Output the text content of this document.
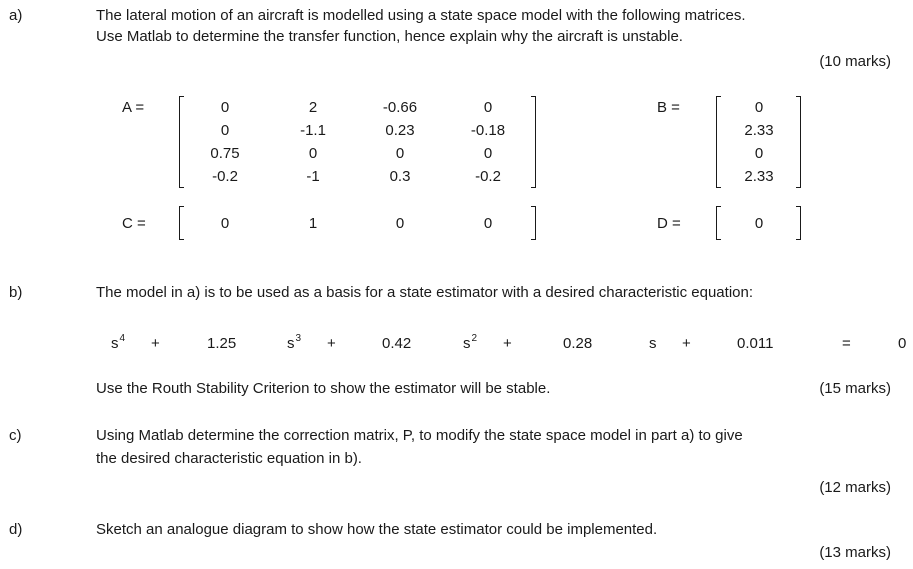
a)	The lateral motion of an aircraft is modelled using a state space model with the following matrices.
Use Matlab to determine the transfer function, hence explain why the aircraft is unstable.
(10 marks)
A =	0	2	-0.66	0
0	-1.1	0.23	-0.18
0.75	0	0	0
-0.2	-1	0.3	-0.2
B =	0
2.33
0
2.33
C =	0	1	0	0	D =	0
b)	The model in a) is to be used as a basis for a state estimator with a desired characteristic equation:
$s^4$ +	1.25	$s^3$ +	0.42	$s^2$ +	0.28	s +	0.011	=	0
Use the Routh Stability Criterion to show the estimator will be stable.	(15 marks)
c)	Using Matlab determine the correction matrix, P, to modify the state space model in part a) to give
the desired characteristic equation in b).
(12 marks)
d)	Sketch an analogue diagram to show how the state estimator could be implemented.
(13 marks)
